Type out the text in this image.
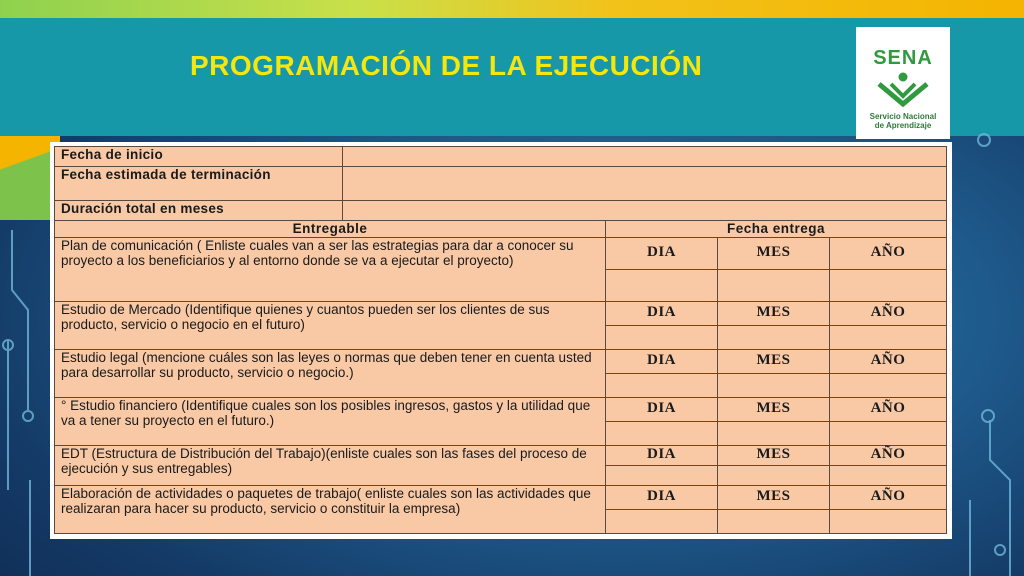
PROGRAMACIÓN DE LA EJECUCIÓN	SENA
Servicio Nacional
de Aprendizaje
Fecha de inicio				
Fecha estimada de terminación				
Duración total en meses				
Entregable		Fecha entrega		
Plan de comunicación ( Enliste cuales van a ser las estrategias para dar a conocer su proyecto a los beneficiarios y al entorno donde se va a ejecutar el proyecto)		DIA	MES	AÑO

Estudio de Mercado (Identifique quienes y cuantos pueden ser los clientes de sus producto, servicio o negocio en el futuro)		DIA	MES	AÑO

Estudio legal (mencione cuáles son las leyes o normas que deben tener en cuenta usted para desarrollar su producto, servicio o negocio.)		DIA	MES	AÑO

° Estudio financiero (Identifique cuales son los posibles ingresos, gastos y la utilidad que va a tener su proyecto en el futuro.)		DIA	MES	AÑO

EDT (Estructura de Distribución del Trabajo)(enliste cuales son las fases del proceso de ejecución y sus entregables)		DIA	MES	AÑO

Elaboración de actividades o paquetes de trabajo( enliste cuales son las actividades que realizaran para hacer su producto, servicio o constituir la empresa)		DIA	MES	AÑO
